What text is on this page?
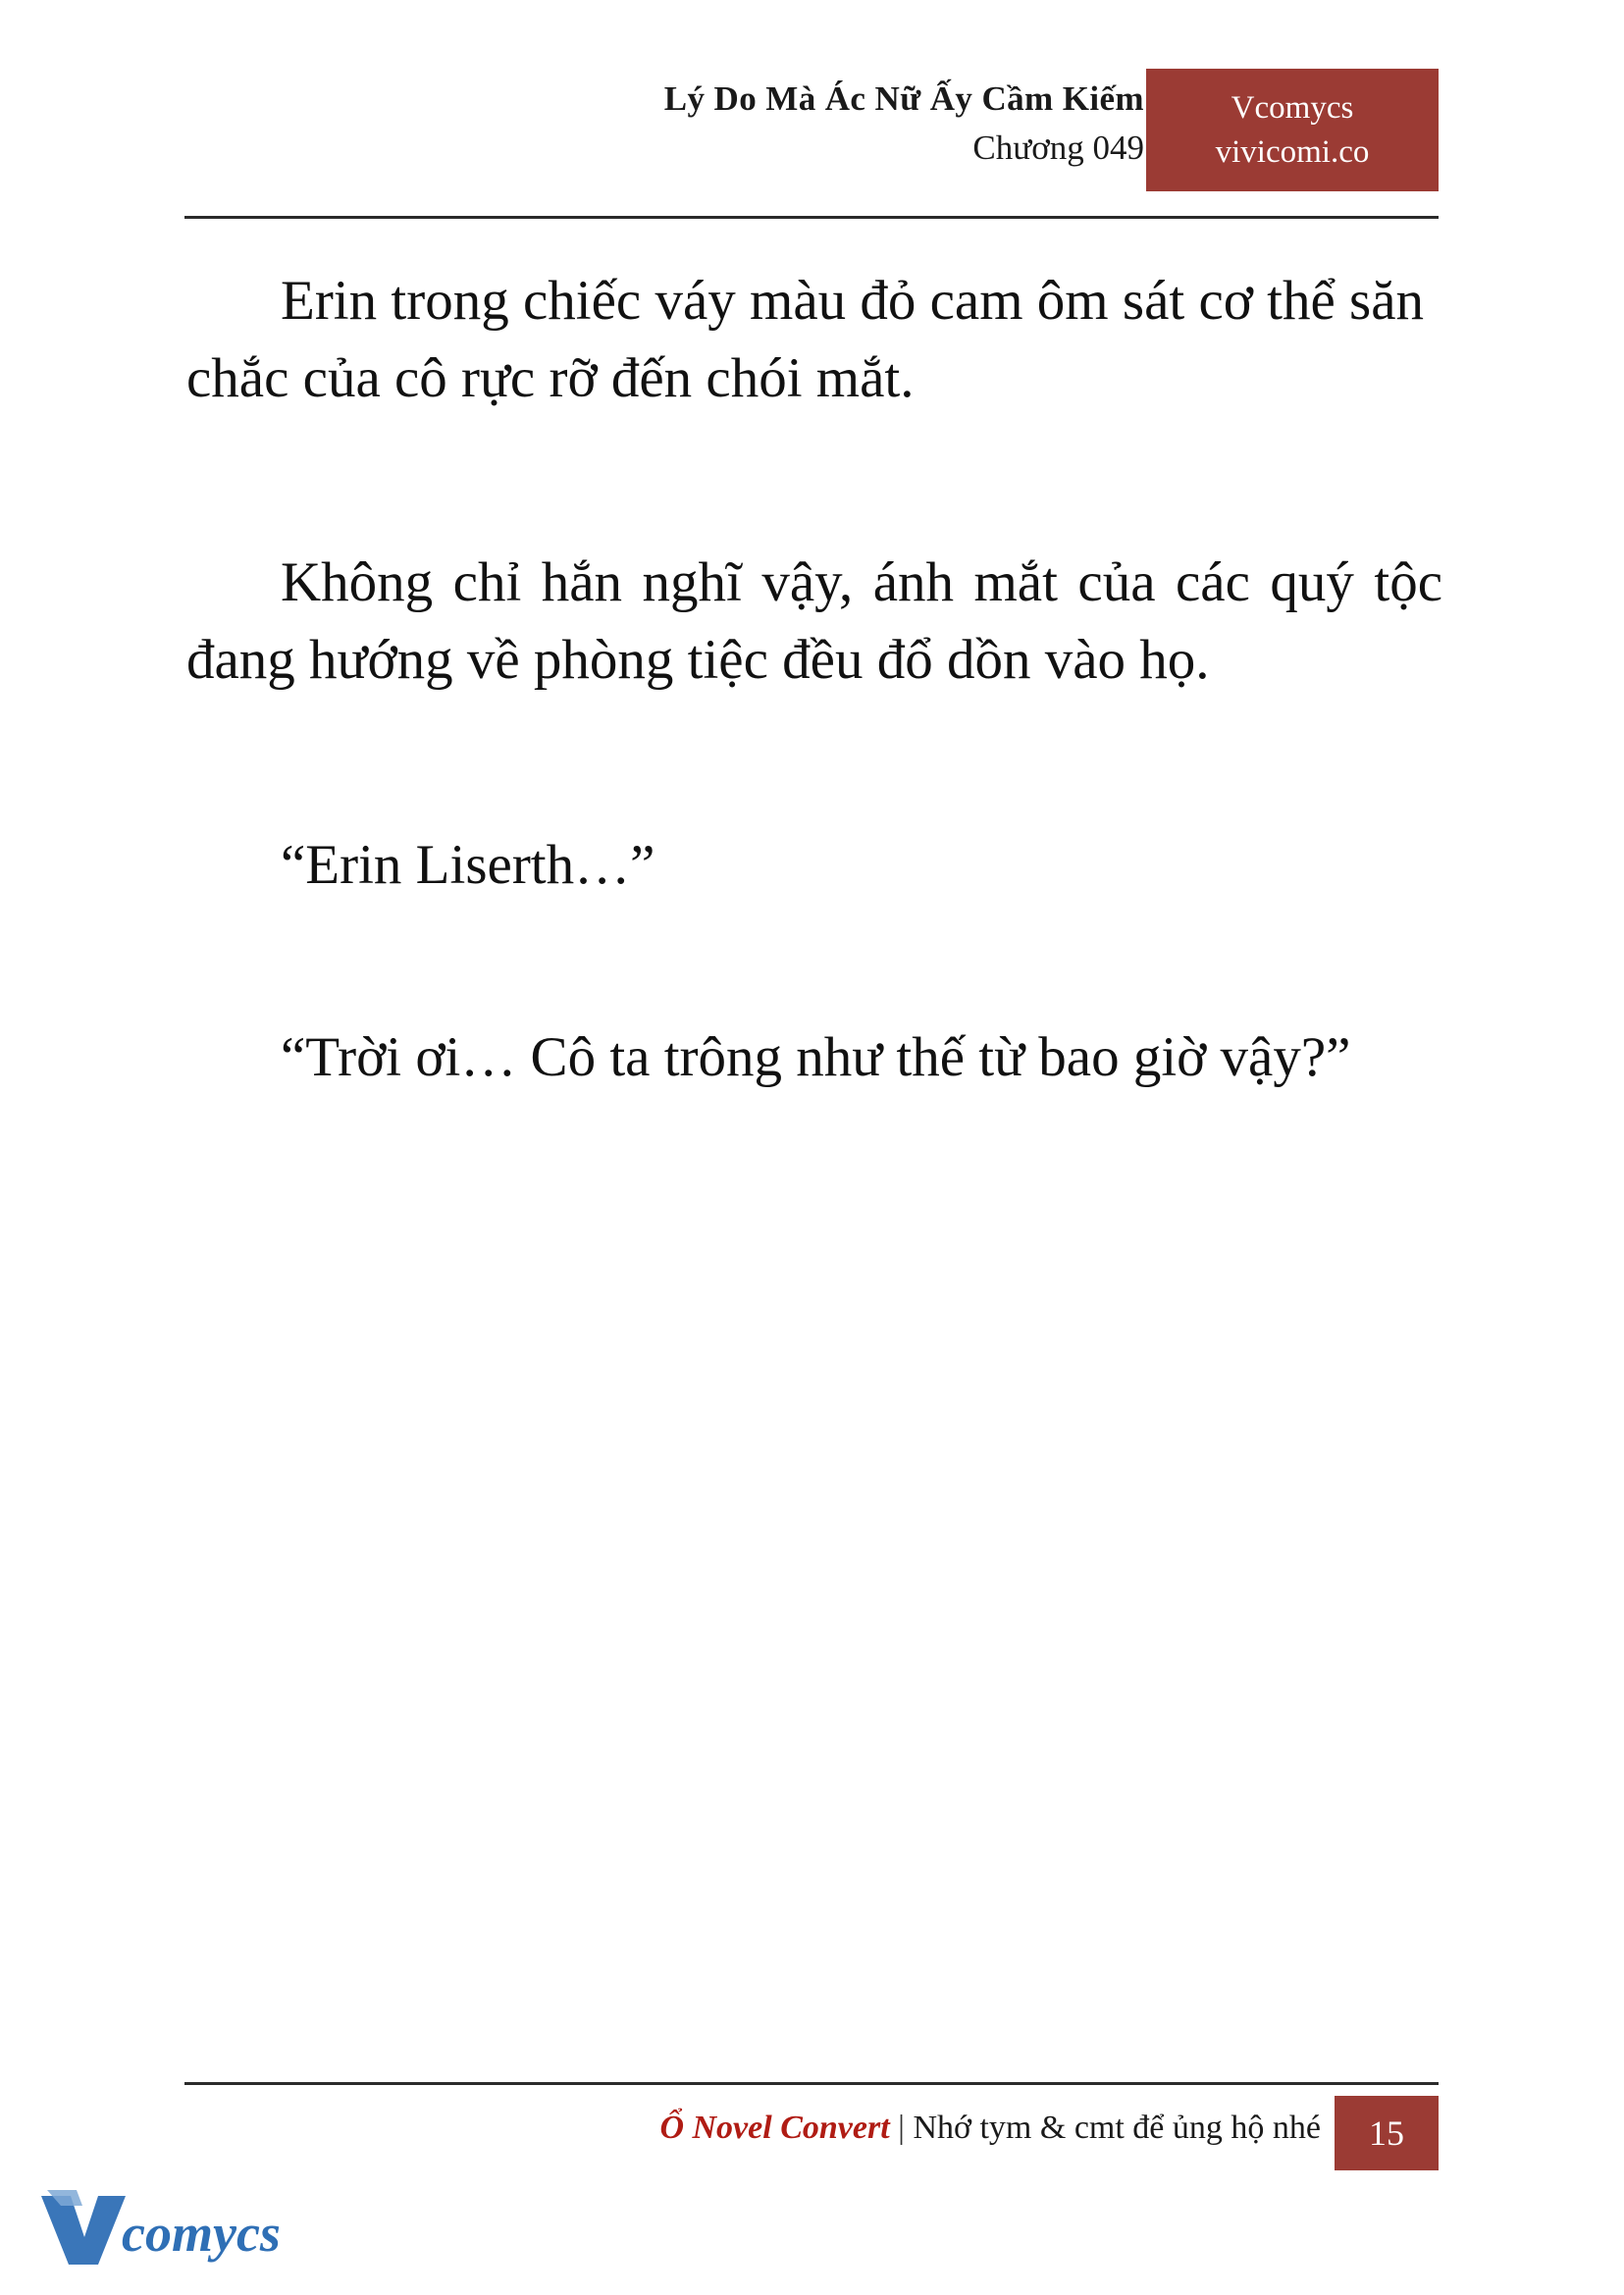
Lý Do Mà Ác Nữ Ấy Cầm Kiếm
Chương 049
Vcomycs
vivicomi.co

Erin trong chiếc váy màu đỏ cam ôm sát cơ thể săn chắc của cô rực rỡ đến chói mắt.

Không chỉ hắn nghĩ vậy, ánh mắt của các quý tộc đang hướng về phòng tiệc đều đổ dồn vào họ.

“Erin Liserth…”

“Trời ơi… Cô ta trông như thế từ bao giờ vậy?”

Ổ Novel Convert | Nhớ tym & cmt để ủng hộ nhé	15
comycs
